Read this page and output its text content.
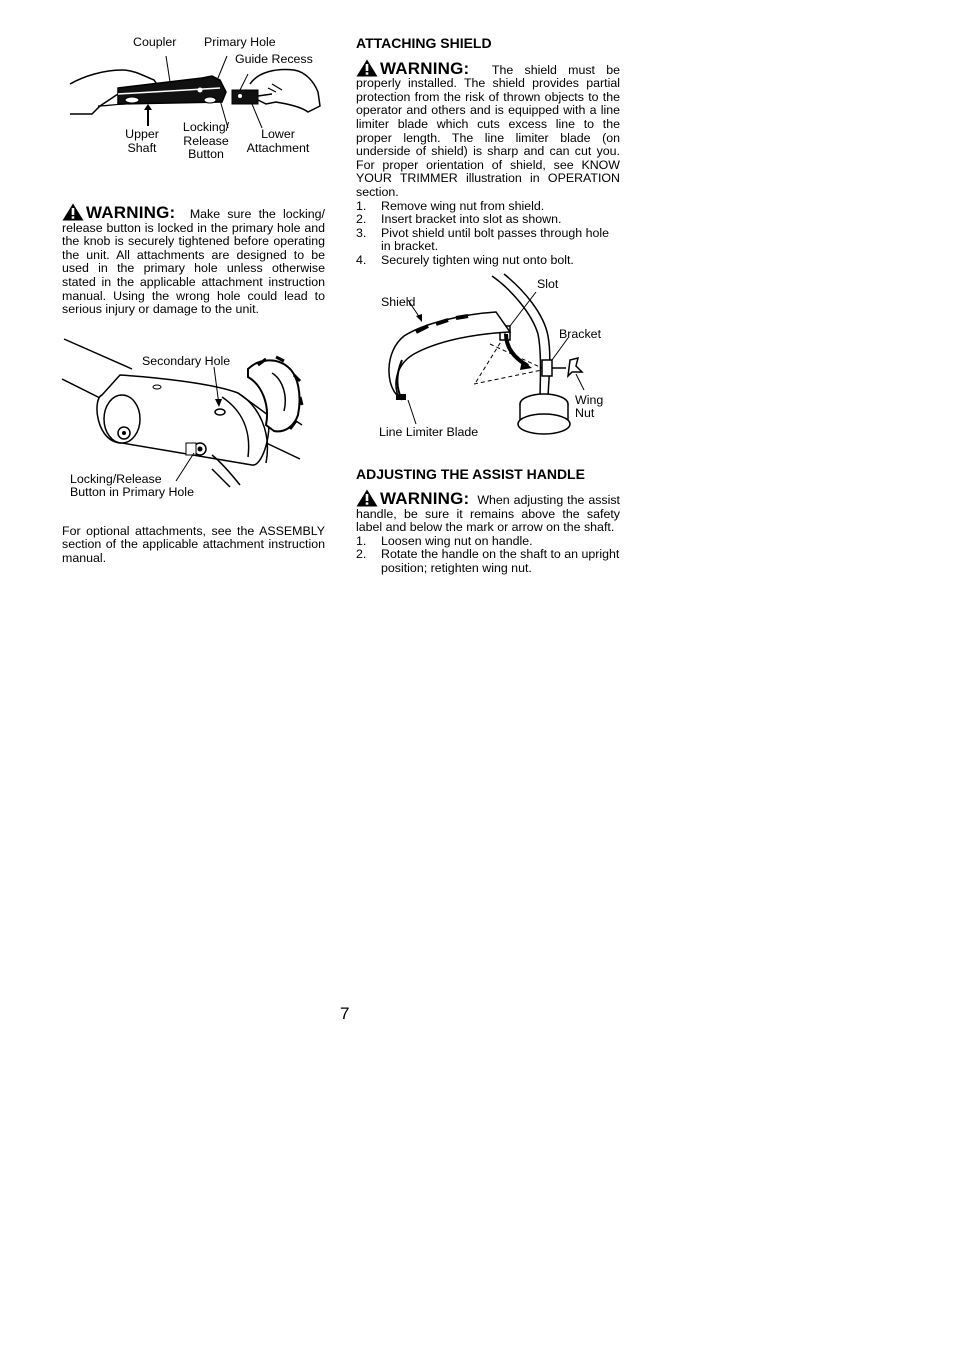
Coupler Primary Hole
Guide Recess
Upper
Shaft
Locking/
Release
Button
Lower
Attachment

WARNING: Make sure the locking/ release button is locked in the primary hole and the knob is securely tightened before operating the unit. All attachments are designed to be used in the primary hole unless otherwise stated in the applicable attachment instruction manual. Using the wrong hole could lead to serious injury or damage to the unit.

Secondary Hole
Locking/Release
Button in Primary Hole

For optional attachments, see the ASSEMBLY section of the applicable attachment instruction manual.

ATTACHING SHIELD

WARNING: The shield must be properly installed. The shield provides partial protection from the risk of thrown objects to the operator and others and is equipped with a line limiter blade which cuts excess line to the proper length. The line limiter blade (on underside of shield) is sharp and can cut you. For proper orientation of shield, see KNOW YOUR TRIMMER illustration in OPERATION section.

1. Remove wing nut from shield.
2. Insert bracket into slot as shown.
3. Pivot shield until bolt passes through hole in bracket.
4. Securely tighten wing nut onto bolt.
Slot
Shield
Bracket
Wing
Nut
Line Limiter Blade
ADJUSTING THE ASSIST HANDLE

WARNING: When adjusting the assist handle, be sure it remains above the safety label and below the mark or arrow on the shaft.

1. Loosen wing nut on handle.
2. Rotate the handle on the shaft to an upright position; retighten wing nut.
7
